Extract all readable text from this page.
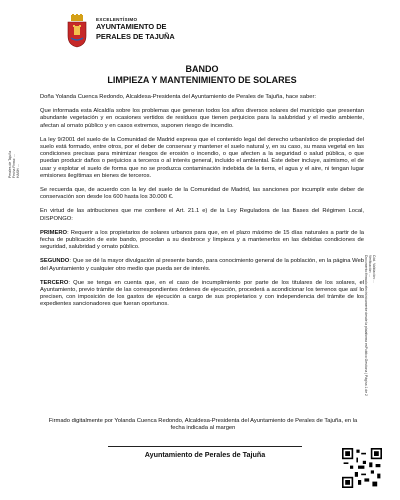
EXCELENTÍSIMO
AYUNTAMIENTO DE
PERALES DE TAJUÑA
BANDO
LIMPIEZA Y MANTENIMIENTO DE SOLARES

Doña Yolanda Cuenca Redondo, Alcaldesa-Presidenta del Ayuntamiento de Perales de Tajuña, hace saber:

Que informada esta Alcaldía sobre los problemas que generan todos los años diversos solares del municipio que presentan abundante vegetación y en ocasiones vertidos de residuos que tienen perjuicios para la salubridad y el medio ambiente, afectan al ornato público y en casos extremos, suponen riesgo de incendio.

La ley 9/2001 del suelo de la Comunidad de Madrid expresa que el contenido legal del derecho urbanístico de propiedad del suelo está formado, entre otros, por el deber de conservar y mantener el suelo natural y, en su caso, su masa vegetal en las condiciones precisas para minimizar riesgos de erosión o incendio, o que afecten a la seguridad o salud pública, o que puedan producir daños o perjuicios a terceros o al interés general, incluido el ambiental. Este deber incluye, asimismo, el de usar y explotar el suelo de forma que no se produzca contaminación indebida de la tierra, el agua y el aire, ni tengan lugar emisiones ilegítimas en bienes de terceros.

Se recuerda que, de acuerdo con la ley del suelo de la Comunidad de Madrid, las sanciones por incumplir este deber de conservación son desde los 600 hasta los 30.000 €.

En virtud de las atribuciones que me confiere el Art. 21.1 e) de la Ley Reguladora de las Bases del Régimen Local, DISPONGO:

PRIMERO: Requerir a los propietarios de solares urbanos para que, en el plazo máximo de 15 días naturales a partir de la fecha de publicación de este bando, procedan a su desbroce y limpieza y a mantenerlos en las debidas condiciones de seguridad, salubridad y ornato público.

SEGUNDO: Que se dé la mayor divulgación al presente bando, para conocimiento general de la población, en la página Web del Ayuntamiento y cualquier otro medio que pueda ser de interés.

TERCERO: Que se tenga en cuenta que, en el caso de incumplimiento por parte de los titulares de los solares, el Ayuntamiento, previo trámite de las correspondientes órdenes de ejecución, procederá a acondicionar los terrenos que así lo precisen, con imposición de los gastos de ejecución a cargo de sus propietarios y con independencia del trámite de los expedientes sancionadores que fueran oportunos.

Firmado digitalmente por Yolanda Cuenca Redondo, Alcaldesa-Presidenta del Ayuntamiento de Perales de Tajuña, en la fecha indicada al margen
Ayuntamiento de Perales de Tajuña
Perales de Tajuña Fecha Firma: ... HASH: ...
Cód. Validación: ...
Verificación: ...
Documento firmado electrónicamente desde la plataforma esPublico Gestiona | Página 1 de 2
